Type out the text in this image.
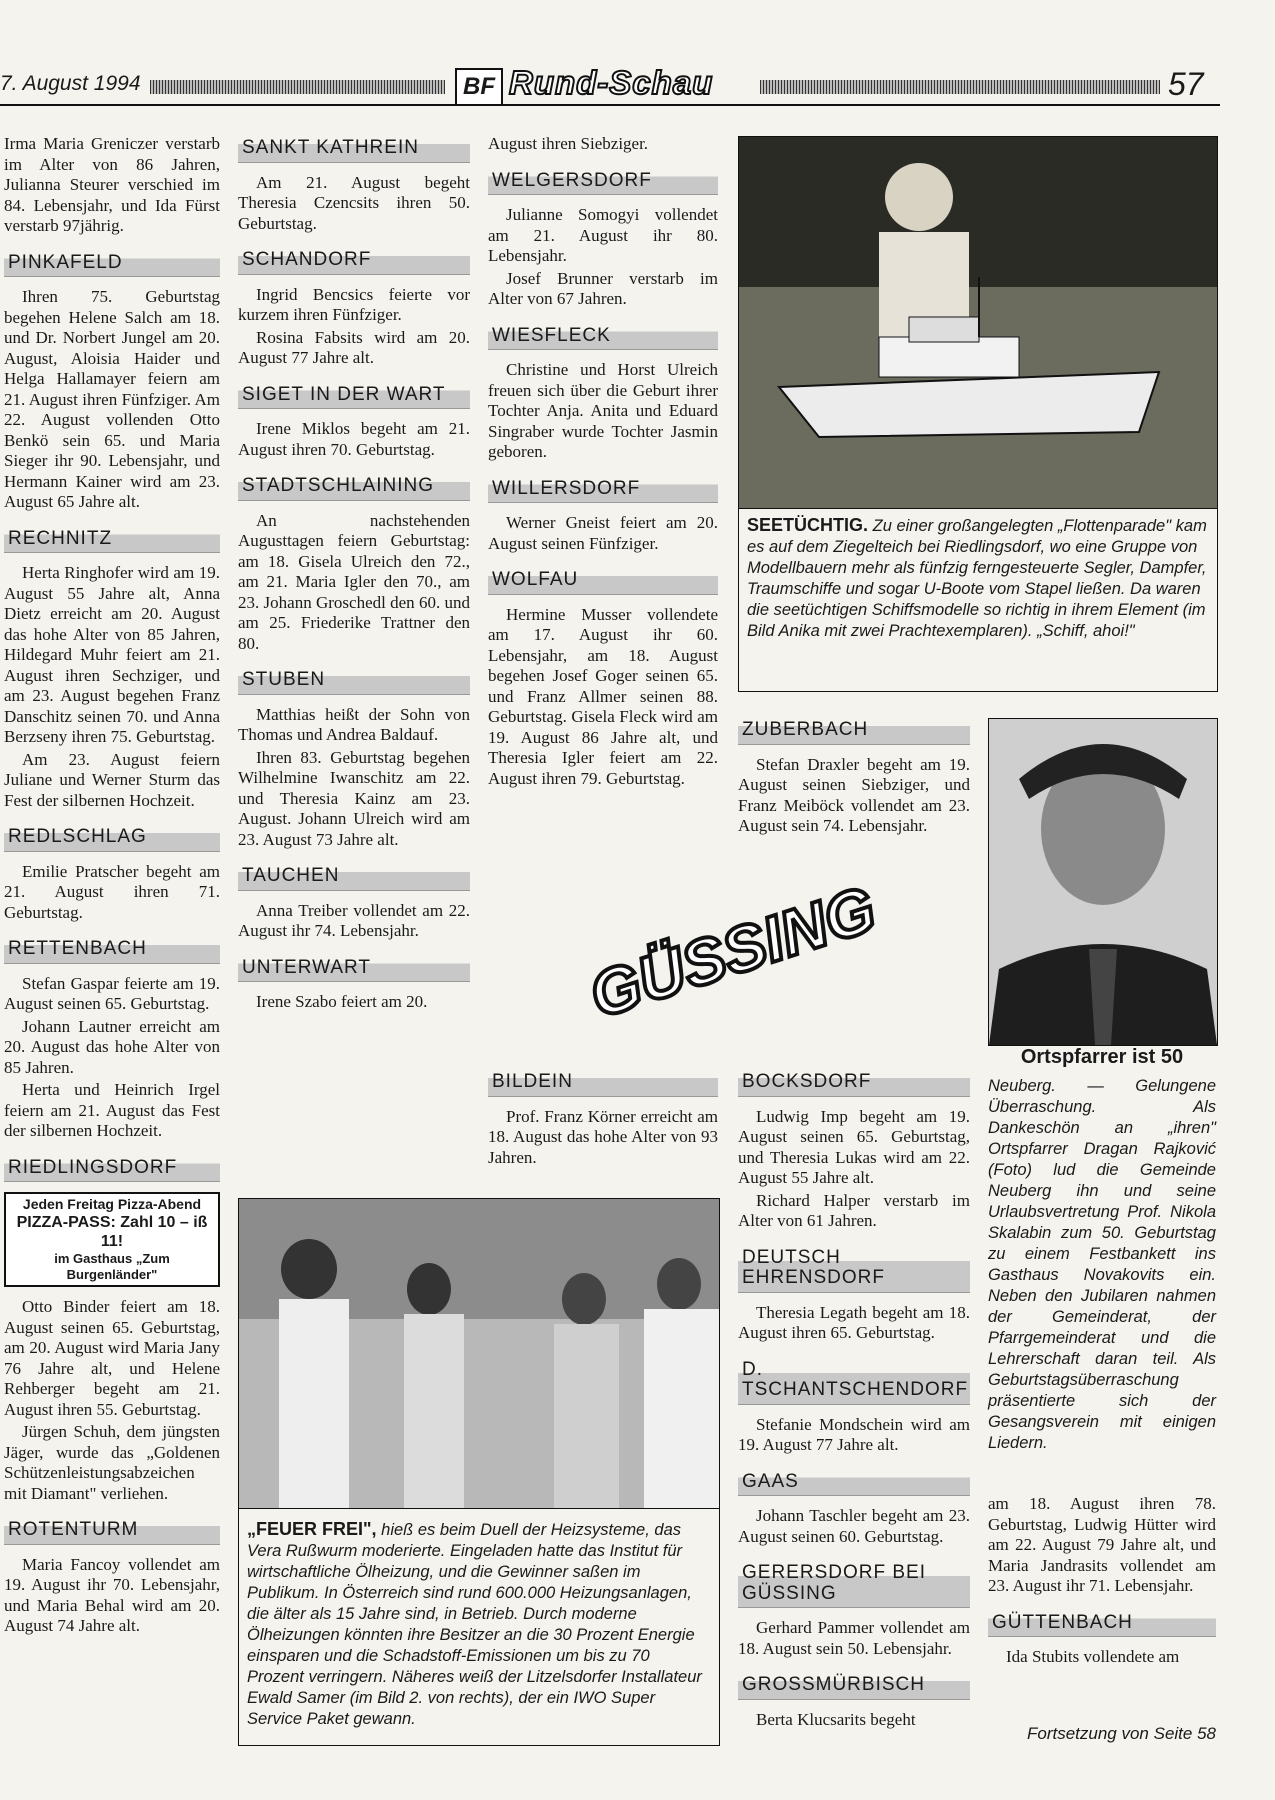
7. August 1994	BF Rund-Schau	57

Irma Maria Greniczer verstarb im Alter von 86 Jahren, Julianna Steurer verschied im 84. Lebensjahr, und Ida Fürst verstarb 97jährig.

PINKAFELD

Ihren 75. Geburtstag begehen Helene Salch am 18. und Dr. Norbert Jungel am 20. August, Aloisia Haider und Helga Hallamayer feiern am 21. August ihren Fünfziger. Am 22. August vollenden Otto Benkö sein 65. und Maria Sieger ihr 90. Lebensjahr, und Hermann Kainer wird am 23. August 65 Jahre alt.

RECHNITZ

Herta Ringhofer wird am 19. August 55 Jahre alt, Anna Dietz erreicht am 20. August das hohe Alter von 85 Jahren, Hildegard Muhr feiert am 21. August ihren Sechziger, und am 23. August begehen Franz Danschitz seinen 70. und Anna Berzseny ihren 75. Geburtstag.

Am 23. August feiern Juliane und Werner Sturm das Fest der silbernen Hochzeit.

REDLSCHLAG

Emilie Pratscher begeht am 21. August ihren 71. Geburtstag.

RETTENBACH

Stefan Gaspar feierte am 19. August seinen 65. Geburtstag.

Johann Lautner erreicht am 20. August das hohe Alter von 85 Jahren.

Herta und Heinrich Irgel feiern am 21. August das Fest der silbernen Hochzeit.

RIEDLINGSDORF
Jeden Freitag Pizza-Abend
PIZZA-PASS: Zahl 10 – iß 11!
im Gasthaus „Zum Burgenländer"

Otto Binder feiert am 18. August seinen 65. Geburtstag, am 20. August wird Maria Jany 76 Jahre alt, und Helene Rehberger begeht am 21. August ihren 55. Geburtstag.

Jürgen Schuh, dem jüngsten Jäger, wurde das „Goldenen Schützenleistungsabzeichen mit Diamant" verliehen.

ROTENTURM

Maria Fancoy vollendet am 19. August ihr 70. Lebensjahr, und Maria Behal wird am 20. August 74 Jahre alt.

SANKT KATHREIN

Am 21. August begeht Theresia Czencsits ihren 50. Geburtstag.

SCHANDORF

Ingrid Bencsics feierte vor kurzem ihren Fünfziger.

Rosina Fabsits wird am 20. August 77 Jahre alt.

SIGET IN DER WART

Irene Miklos begeht am 21. August ihren 70. Geburtstag.

STADTSCHLAINING

An nachstehenden Augusttagen feiern Geburtstag: am 18. Gisela Ulreich den 72., am 21. Maria Igler den 70., am 23. Johann Groschedl den 60. und am 25. Friederike Trattner den 80.

STUBEN

Matthias heißt der Sohn von Thomas und Andrea Baldauf.

Ihren 83. Geburtstag begehen Wilhelmine Iwanschitz am 22. und Theresia Kainz am 23. August. Johann Ulreich wird am 23. August 73 Jahre alt.

TAUCHEN

Anna Treiber vollendet am 22. August ihr 74. Lebensjahr.

UNTERWART

Irene Szabo feiert am 20.

August ihren Siebziger.

WELGERSDORF

Julianne Somogyi vollendet am 21. August ihr 80. Lebensjahr.

Josef Brunner verstarb im Alter von 67 Jahren.

WIESFLECK

Christine und Horst Ulreich freuen sich über die Geburt ihrer Tochter Anja. Anita und Eduard Singraber wurde Tochter Jasmin geboren.

WILLERSDORF

Werner Gneist feiert am 20. August seinen Fünfziger.

WOLFAU

Hermine Musser vollendete am 17. August ihr 60. Lebensjahr, am 18. August begehen Josef Goger seinen 65. und Franz Allmer seinen 88. Geburtstag. Gisela Fleck wird am 19. August 86 Jahre alt, und Theresia Igler feiert am 22. August ihren 79. Geburtstag.

SEETÜCHTIG. Zu einer großangelegten „Flottenparade" kam es auf dem Ziegelteich bei Riedlingsdorf, wo eine Gruppe von Modellbauern mehr als fünfzig ferngesteuerte Segler, Dampfer, Traumschiffe und sogar U-Boote vom Stapel ließen. Da waren die seetüchtigen Schiffsmodelle so richtig in ihrem Element (im Bild Anika mit zwei Prachtexemplaren). „Schiff, ahoi!"
ZUBERBACH

Stefan Draxler begeht am 19. August seinen Siebziger, und Franz Meiböck vollendet am 23. August sein 74. Lebensjahr.

Ortspfarrer ist 50
Neuberg. — Gelungene Überraschung. Als Dankeschön an „ihren" Ortspfarrer Dragan Rajković (Foto) lud die Gemeinde Neuberg ihn und seine Urlaubsvertretung Prof. Nikola Skalabin zum 50. Geburtstag zu einem Festbankett ins Gasthaus Novakovits ein. Neben den Jubilaren nahmen der Gemeinderat, der Pfarrgemeinderat und die Lehrerschaft daran teil. Als Geburtstagsüberraschung präsentierte sich der Gesangsverein mit einigen Liedern.
GÜSSING
BILDEIN

Prof. Franz Körner erreicht am 18. August das hohe Alter von 93 Jahren.

„FEUER FREI", hieß es beim Duell der Heizsysteme, das Vera Rußwurm moderierte. Eingeladen hatte das Institut für wirtschaftliche Ölheizung, und die Gewinner saßen im Publikum. In Österreich sind rund 600.000 Heizungsanlagen, die älter als 15 Jahre sind, in Betrieb. Durch moderne Ölheizungen könnten ihre Besitzer an die 30 Prozent Energie einsparen und die Schadstoff-Emissionen um bis zu 70 Prozent verringern. Näheres weiß der Litzelsdorfer Installateur Ewald Samer (im Bild 2. von rechts), der ein IWO Super Service Paket gewann.
BOCKSDORF

Ludwig Imp begeht am 19. August seinen 65. Geburtstag, und Theresia Lukas wird am 22. August 55 Jahre alt.

Richard Halper verstarb im Alter von 61 Jahren.

DEUTSCH EHRENSDORF

Theresia Legath begeht am 18. August ihren 65. Geburtstag.

D. TSCHANTSCHENDORF

Stefanie Mondschein wird am 19. August 77 Jahre alt.

GAAS

Johann Taschler begeht am 23. August seinen 60. Geburtstag.

GERERSDORF BEI GÜSSING

Gerhard Pammer vollendet am 18. August sein 50. Lebensjahr.

GROSSMÜRBISCH

Berta Klucsarits begeht

am 18. August ihren 78. Geburtstag, Ludwig Hütter wird am 22. August 79 Jahre alt, und Maria Jandrasits vollendet am 23. August ihr 71. Lebensjahr.

GÜTTENBACH

Ida Stubits vollendete am

Fortsetzung von Seite 58
